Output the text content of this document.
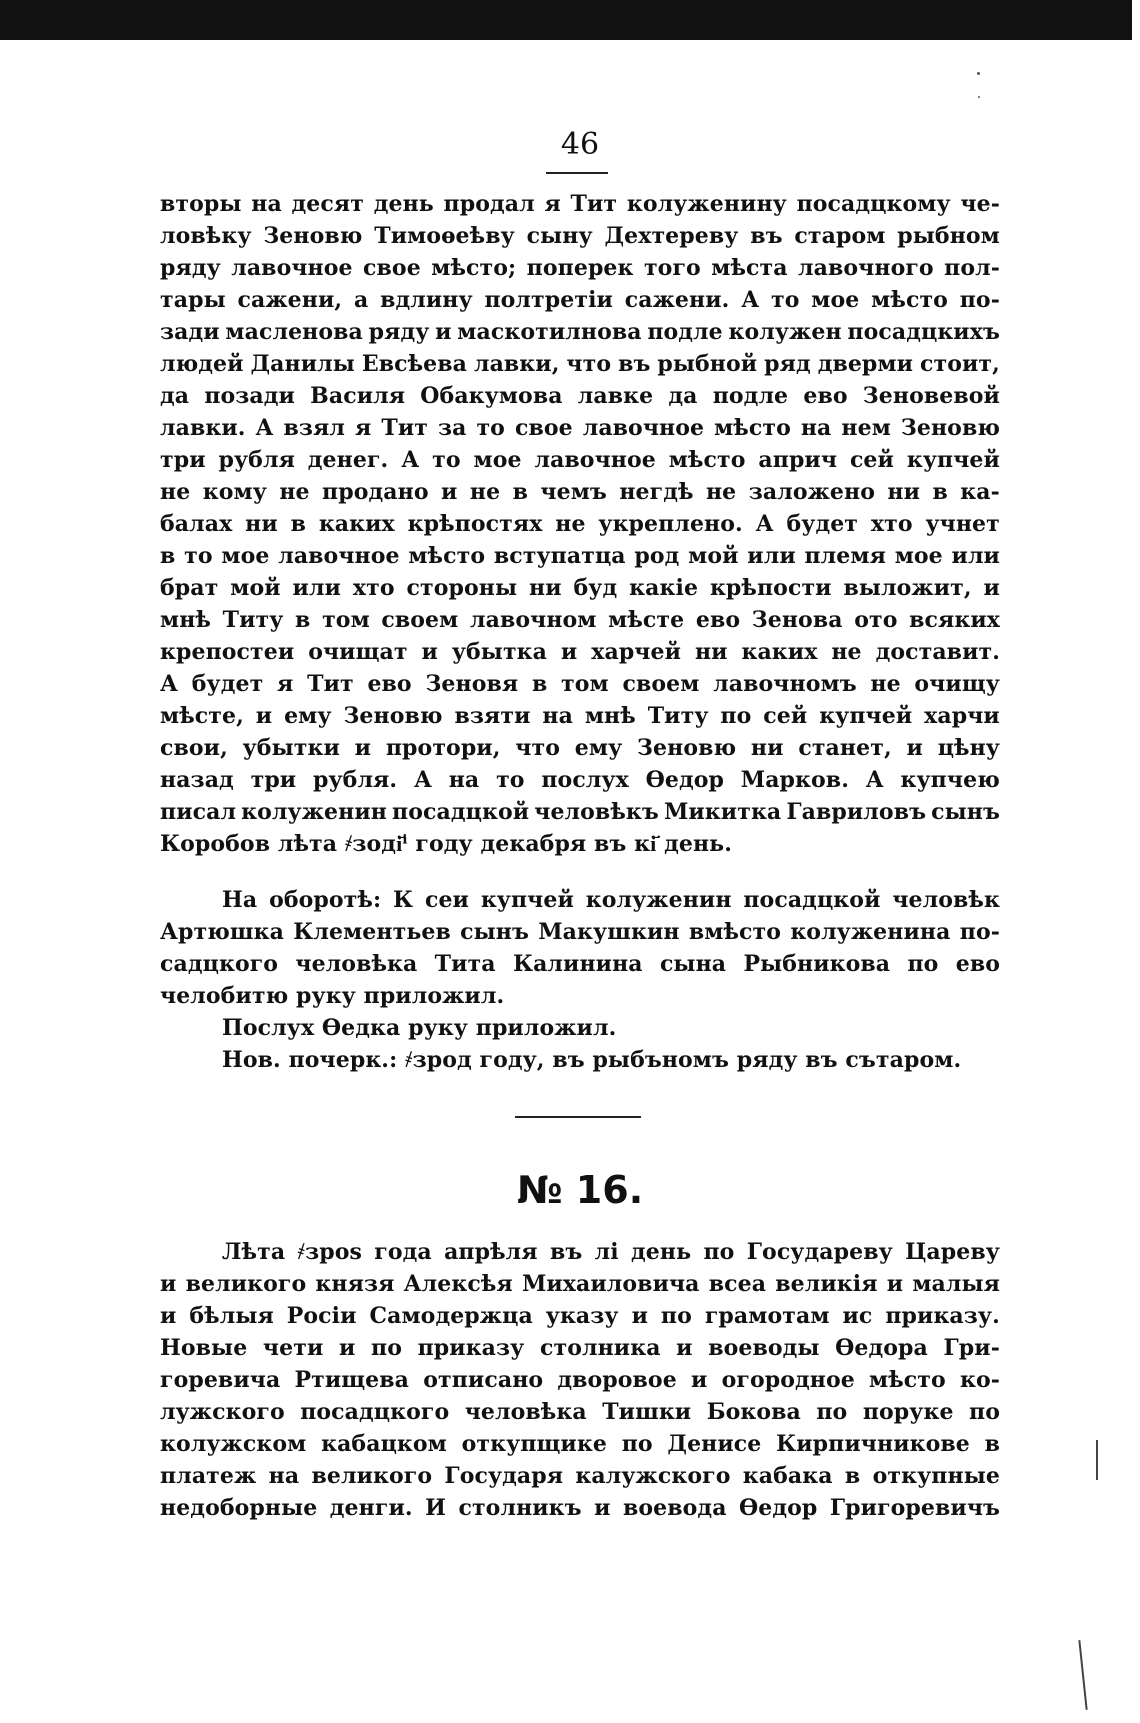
46
вторы на десят день продал я Тит колуженину посадцкому че-
ловѣку Зеновю Тимоѳеѣву сыну Дехтереву въ старом рыбном
ряду лавочное свое мѣсто; поперек того мѣста лавочного пол-
тары сажени, а вдлину полтретiи сажени. А то мое мѣсто по-
зади масленова ряду и маскотилнова подле колужен посадцкихъ
людей Данилы Евсѣева лавки, что въ рыбной ряд дверми стоит,
да позади Василя Обакумова лавке да подле ево Зеновевой
лавки. А взял я Тит за то свое лавочное мѣсто на нем Зеновю
три рубля денег. А то мое лавочное мѣсто априч сей купчей
не кому не продано и не в чемъ негдѣ не заложено ни в ка-
балах ни в каких крѣпостях не укреплено. А будет хто учнет
в то мое лавочное мѣсто вступатца род мой или племя мое или
брат мой или хто стороны ни буд какiе крѣпости выложит, и
мнѣ Титу в том своем лавочном мѣсте ево Зенова ото всяких
крепостеи очищат и убытка и харчей ни каких не доставит.
А будет я Тит ево Зеновя в том своем лавочномъ не очищу
мѣсте, и ему Зеновю взяти на мнѣ Титу по сей купчей харчи
свои, убытки и протори, что ему Зеновю ни станет, и цѣну
назад три рубля. А на то послух Ѳедор Марков. А купчею
писал колуженин посадцкой человѣкъ Микитка Гавриловъ сынъ
Коробов лѣта ҂зоді҃ⁱ году декабря въ кі҃ день.
На оборотѣ: К сеи купчей колуженин посадцкой человѣк
Артюшка Клементьев сынъ Макушкин вмѣсто колуженина по-
садцкого человѣка Тита Калинина сына Рыбникова по ево
челобитю руку приложил.
Послух Ѳедка руку приложил.
Нов. почерк.: ҂зрод году, въ рыбъномъ ряду въ сътаром.
№ 16.
Лѣта ҂зроѕ года апрѣля въ лі день по Государеву Цареву
и великого князя Алексѣя Михаиловича всеа великiя и малыя
и бѣлыя Росiи Самодержца указу и по грамотам ис приказу.
Новые чети и по приказу столника и воеводы Ѳедора Гри-
горевича Ртищева отписано дворовое и огородное мѣсто ко-
лужского посадцкого человѣка Тишки Бокова по поруке по
колужском кабацком откупщике по Денисе Кирпичникове в
платеж на великого Государя калужского кабака в откупные
недоборные денги. И столникъ и воевода Ѳедор Григоревичъ
